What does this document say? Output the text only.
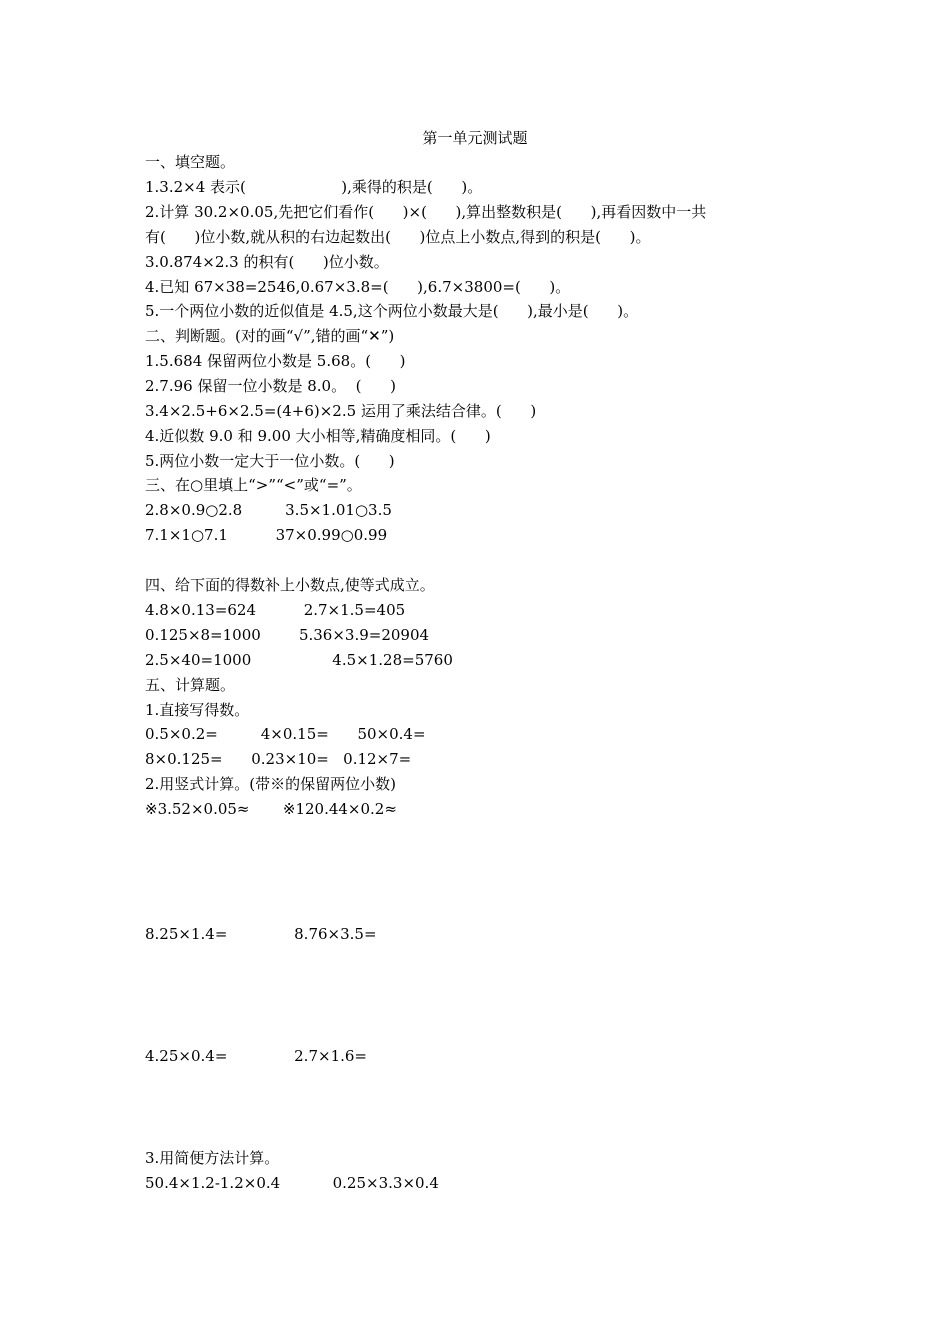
第一单元测试题
一、填空题。
1.3.2×4 表示(                    ),乘得的积是(      )。
2.计算 30.2×0.05,先把它们看作(      )×(      ),算出整数积是(      ),再看因数中一共
有(      )位小数,就从积的右边起数出(      )位点上小数点,得到的积是(      )。
3.0.874×2.3 的积有(      )位小数。
4.已知 67×38=2546,0.67×3.8=(      ),6.7×3800=(      )。
5.一个两位小数的近似值是 4.5,这个两位小数最大是(      ),最小是(      )。
二、判断题。(对的画“√”,错的画“✕”)
1.5.684 保留两位小数是 5.68。(      )
2.7.96 保留一位小数是 8.0。  (      )
3.4×2.5+6×2.5=(4+6)×2.5 运用了乘法结合律。(      )
4.近似数 9.0 和 9.00 大小相等,精确度相同。(      )
5.两位小数一定大于一位小数。(      )
三、在○里填上“>”“<”或“=”。
2.8×0.9○2.8         3.5×1.01○3.5
7.1×1○7.1          37×0.99○0.99
四、给下面的得数补上小数点,使等式成立。
4.8×0.13=624          2.7×1.5=405
0.125×8=1000        5.36×3.9=20904
2.5×40=1000                 4.5×1.28=5760
五、计算题。
1.直接写得数。
0.5×0.2=         4×0.15=      50×0.4=
8×0.125=      0.23×10=   0.12×7=
2.用竖式计算。(带※的保留两位小数)
※3.52×0.05≈       ※120.44×0.2≈
8.25×1.4=              8.76×3.5=
4.25×0.4=              2.7×1.6=
3.用简便方法计算。
50.4×1.2-1.2×0.4           0.25×3.3×0.4
